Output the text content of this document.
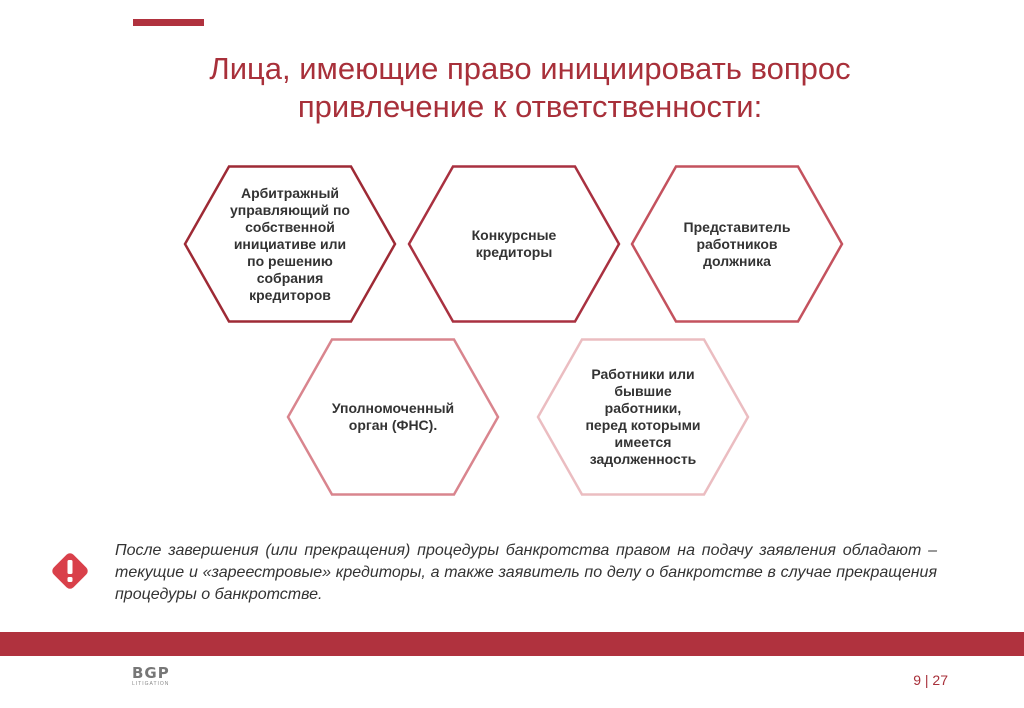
Лица, имеющие право инициировать вопрос привлечение к ответственности:
Арбитражный
управляющий по
собственной
инициативе или
по решению
собрания
кредиторов
Конкурсные
кредиторы
Представитель
работников
должника
Уполномоченный
орган (ФНС).
Работники или
бывшие
работники,
перед которыми
имеется
задолженность

После завершения (или прекращения) процедуры банкротства правом на подачу заявления обладают – текущие и «зареестровые» кредиторы, а также заявитель по делу о банкротстве в случае прекращения процедуры о банкротстве.

BGP
LITIGATION	9 | 27
